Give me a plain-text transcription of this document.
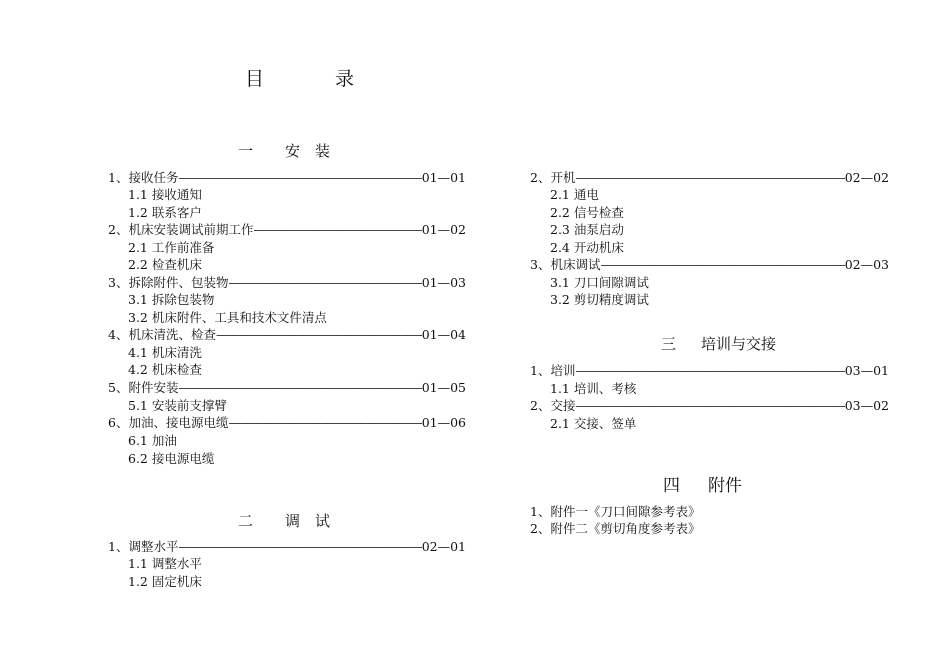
目	录
一 安　装
1、接收任务 —————	01—01
1.1 接收通知
1.2 联系客户
2、机床安装调试前期工作 —————	01—02
2.1 工作前准备
2.2 检查机床
3、拆除附件、包装物 —————	01—03
3.1 拆除包装物
3.2 机床附件、工具和技术文件清点
4、机床清洗、检查 —————	01—04
4.1 机床清洗
4.2 机床检查
5、附件安装 —————	01—05
5.1 安装前支撑臂
6、加油、接电源电缆 —————	01—06
6.1 加油
6.2 接电源电缆
二 调　试
1、调整水平 —————	02—01
1.1 调整水平
1.2 固定机床
2、开机 —————	02—02
2.1 通电
2.2 信号检查
2.3 油泵启动
2.4 开动机床
3、机床调试 —————	02—03
3.1 刀口间隙调试
3.2 剪切精度调试
三 培训与交接
1、培训 —————	03—01
1.1 培训、考核
2、交接 —————	03—02
2.1 交接、签单
四 附件
1、附件一《刀口间隙参考表》
2、附件二《剪切角度参考表》
